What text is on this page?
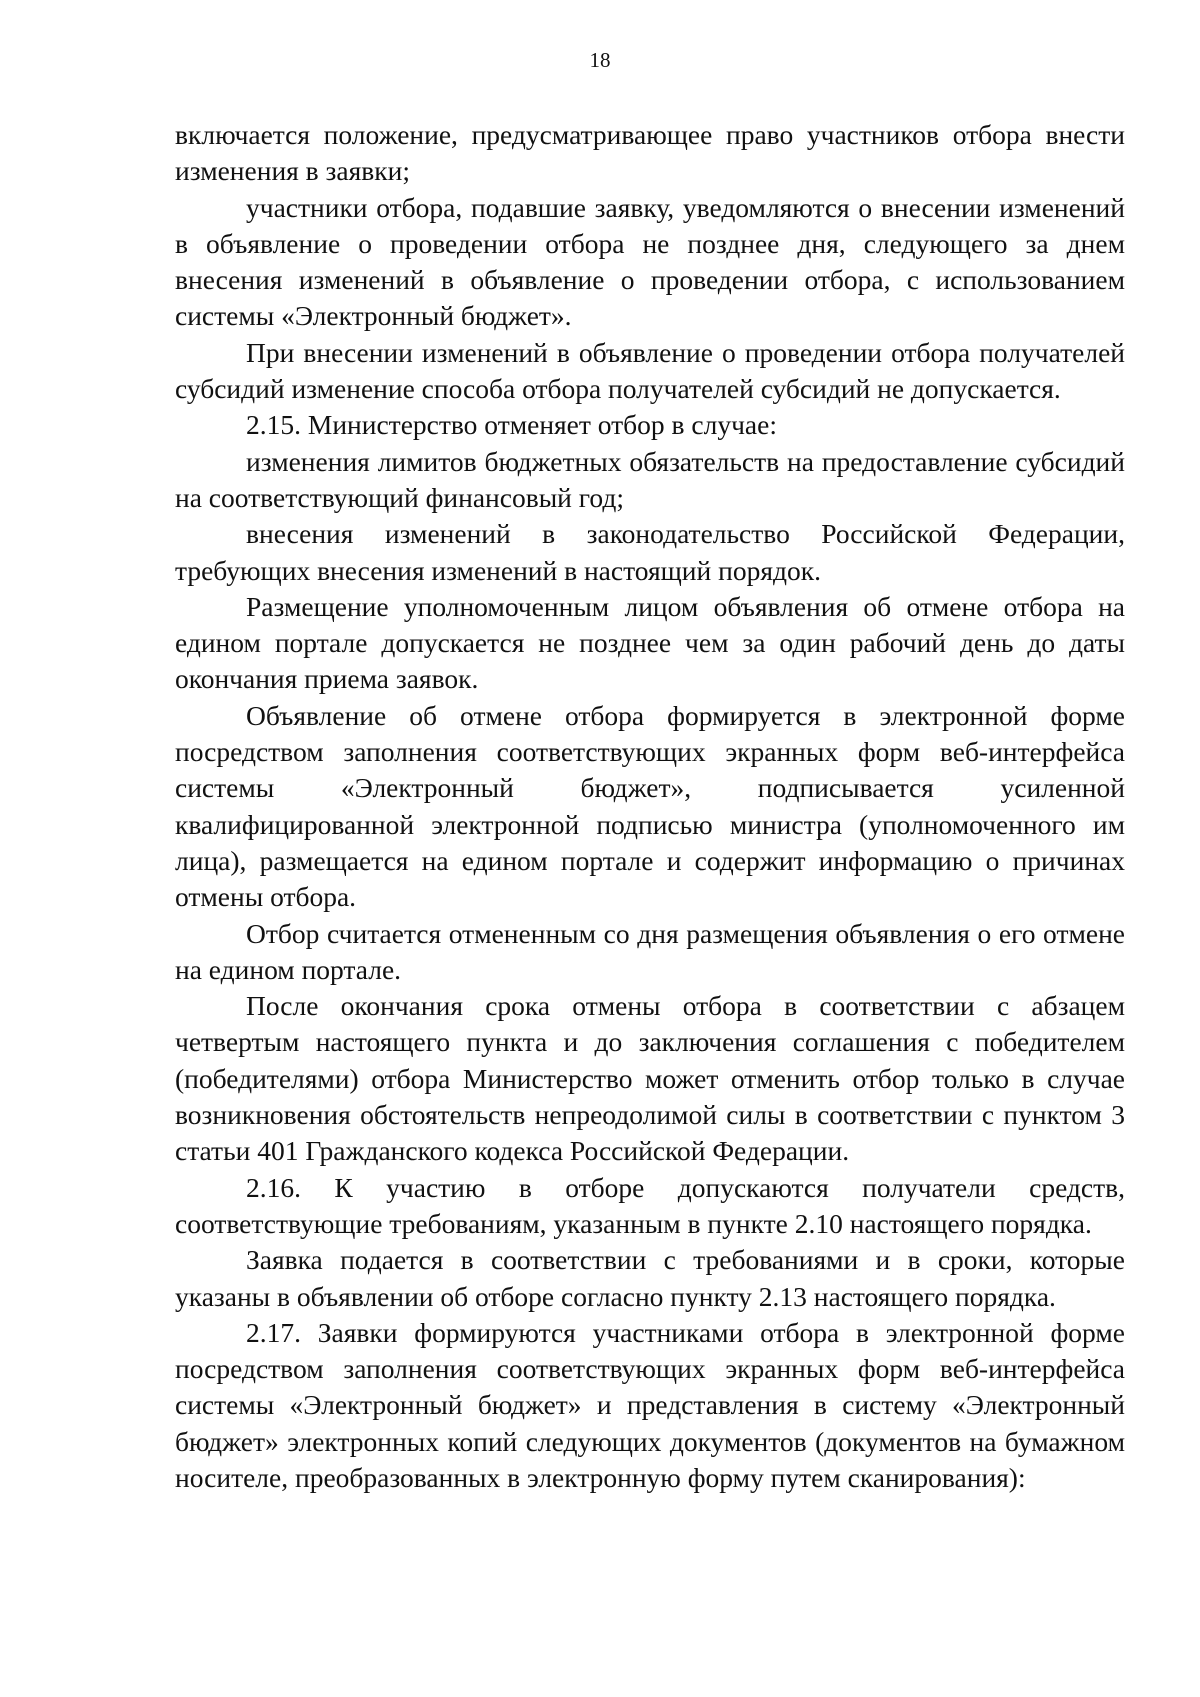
18

включается положение, предусматривающее право участников отбора внести изменения в заявки;

участники отбора, подавшие заявку, уведомляются о внесении изменений в объявление о проведении отбора не позднее дня, следующего за днем внесения изменений в объявление о проведении отбора, с использованием системы «Электронный бюджет».

При внесении изменений в объявление о проведении отбора получателей субсидий изменение способа отбора получателей субсидий не допускается.

2.15. Министерство отменяет отбор в случае:

изменения лимитов бюджетных обязательств на предоставление субсидий на соответствующий финансовый год;

внесения изменений в законодательство Российской Федерации, требующих внесения изменений в настоящий порядок.

Размещение уполномоченным лицом объявления об отмене отбора на едином портале допускается не позднее чем за один рабочий день до даты окончания приема заявок.

Объявление об отмене отбора формируется в электронной форме посредством заполнения соответствующих экранных форм веб-интерфейса системы «Электронный бюджет», подписывается усиленной квалифицированной электронной подписью министра (уполномоченного им лица), размещается на едином портале и содержит информацию о причинах отмены отбора.

Отбор считается отмененным со дня размещения объявления о его отмене на едином портале.

После окончания срока отмены отбора в соответствии с абзацем четвертым настоящего пункта и до заключения соглашения с победителем (победителями) отбора Министерство может отменить отбор только в случае возникновения обстоятельств непреодолимой силы в соответствии с пунктом 3 статьи 401 Гражданского кодекса Российской Федерации.

2.16. К участию в отборе допускаются получатели средств, соответствующие требованиям, указанным в пункте 2.10 настоящего порядка.

Заявка подается в соответствии с требованиями и в сроки, которые указаны в объявлении об отборе согласно пункту 2.13 настоящего порядка.

2.17. Заявки формируются участниками отбора в электронной форме посредством заполнения соответствующих экранных форм веб-интерфейса системы «Электронный бюджет» и представления в систему «Электронный бюджет» электронных копий следующих документов (документов на бумажном носителе, преобразованных в электронную форму путем сканирования):
